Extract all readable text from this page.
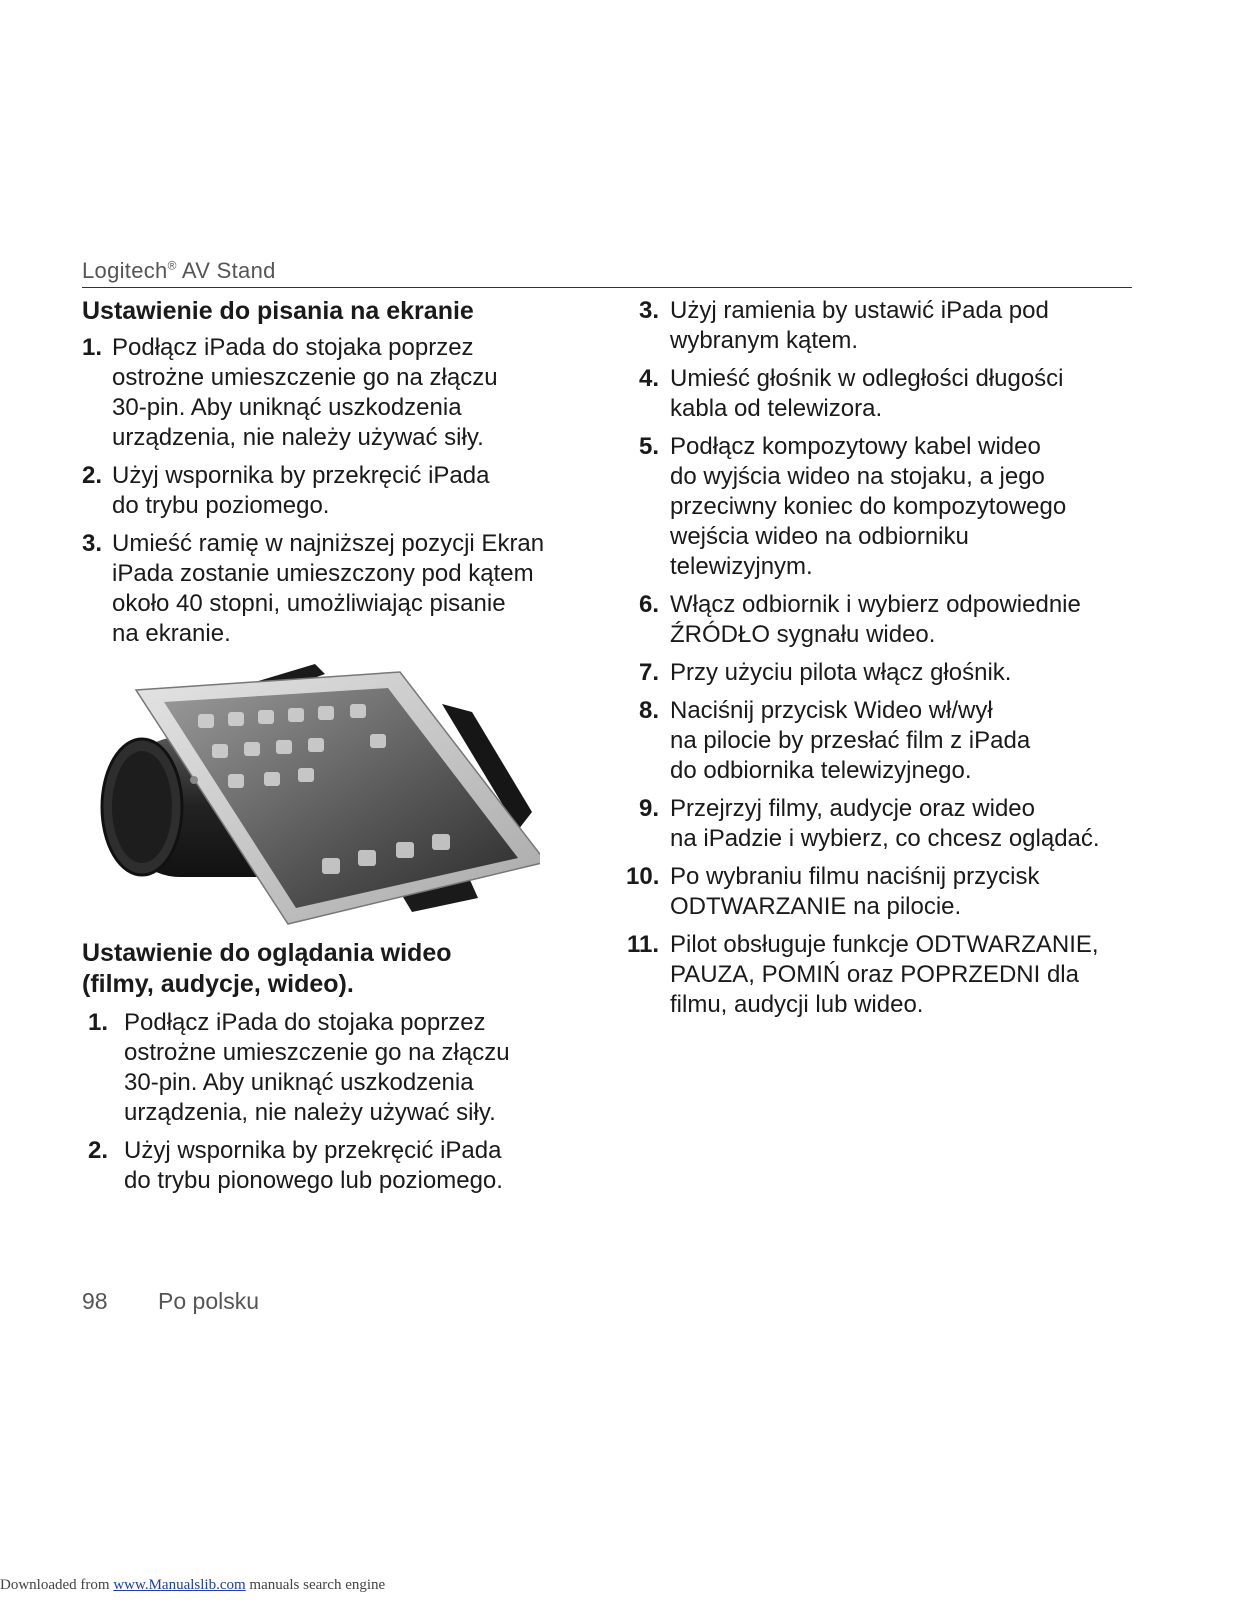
Logitech® AV Stand
Ustawienie do pisania na ekranie
1. Podłącz iPada do stojaka poprzez
ostrożne umieszczenie go na złączu
30-pin. Aby uniknąć uszkodzenia
urządzenia, nie należy używać siły.
2. Użyj wspornika by przekręcić iPada
do trybu poziomego.
3. Umieść ramię w najniższej pozycji Ekran
iPada zostanie umieszczony pod kątem
około 40 stopni, umożliwiając pisanie
na ekranie.
Ustawienie do oglądania wideo
(filmy, audycje, wideo).
1. Podłącz iPada do stojaka poprzez
ostrożne umieszczenie go na złączu
30-pin. Aby uniknąć uszkodzenia
urządzenia, nie należy używać siły.
2. Użyj wspornika by przekręcić iPada
do trybu pionowego lub poziomego.
3. Użyj ramienia by ustawić iPada pod
wybranym kątem.
4. Umieść głośnik w odległości długości
kabla od telewizora.
5. Podłącz kompozytowy kabel wideo
do wyjścia wideo na stojaku, a jego
przeciwny koniec do kompozytowego
wejścia wideo na odbiorniku
telewizyjnym.
6. Włącz odbiornik i wybierz odpowiednie
ŹRÓDŁO sygnału wideo.
7. Przy użyciu pilota włącz głośnik.
8. Naciśnij przycisk Wideo wł/wył
na pilocie by przesłać film z iPada
do odbiornika telewizyjnego.
9. Przejrzyj filmy, audycje oraz wideo
na iPadzie i wybierz, co chcesz oglądać.
10. Po wybraniu filmu naciśnij przycisk
ODTWARZANIE na pilocie.
11. Pilot obsługuje funkcje ODTWARZANIE,
PAUZA, POMIŃ oraz POPRZEDNI dla
filmu, audycji lub wideo.
98 Po polsku
Downloaded from www.Manualslib.com manuals search engine
